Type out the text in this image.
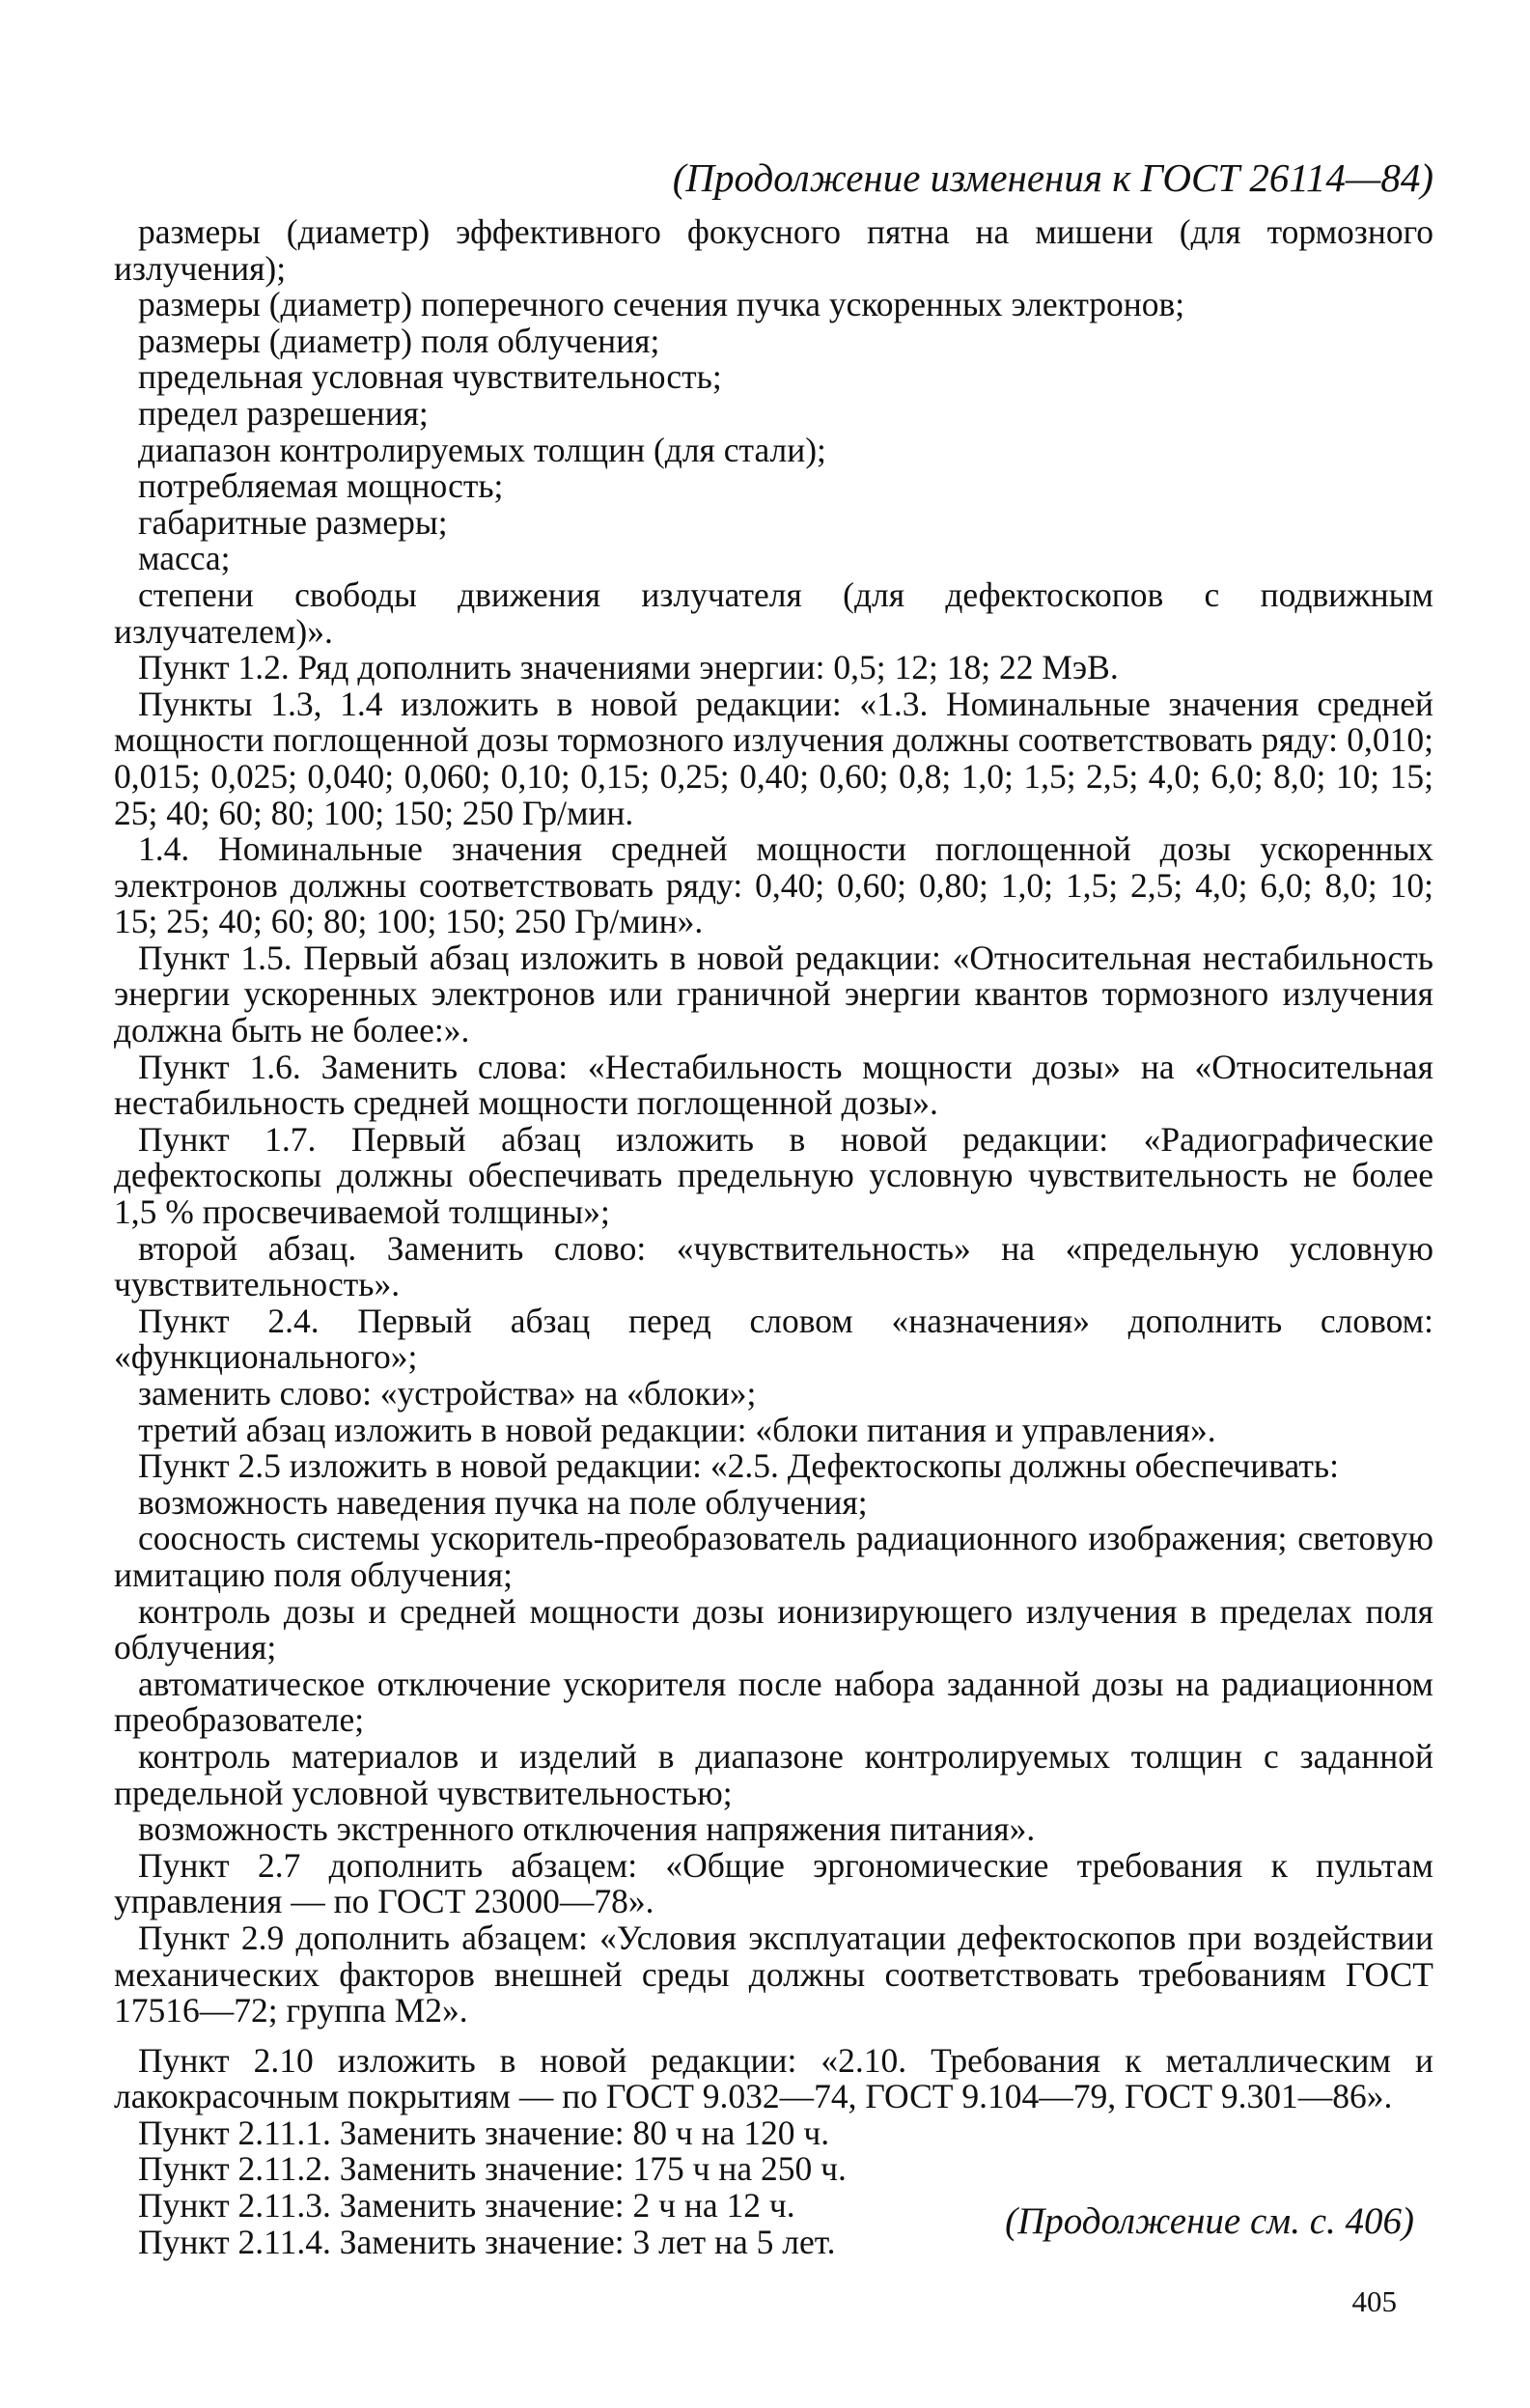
(Продолжение изменения к ГОСТ 26114—84)

размеры (диаметр) эффективного фокусного пятна на мишени (для тормозного излучения);

размеры (диаметр) поперечного сечения пучка ускоренных электронов;

размеры (диаметр) поля облучения;

предельная условная чувствительность;

предел разрешения;

диапазон контролируемых толщин (для стали);

потребляемая мощность;

габаритные размеры;

масса;

степени свободы движения излучателя (для дефектоскопов с подвижным излучателем)».

Пункт 1.2. Ряд дополнить значениями энергии: 0,5; 12; 18; 22 МэВ.

Пункты 1.3, 1.4 изложить в новой редакции: «1.3. Номинальные значения средней мощности поглощенной дозы тормозного излучения должны соответствовать ряду: 0,010; 0,015; 0,025; 0,040; 0,060; 0,10; 0,15; 0,25; 0,40; 0,60; 0,8; 1,0; 1,5; 2,5; 4,0; 6,0; 8,0; 10; 15; 25; 40; 60; 80; 100; 150; 250 Гр/мин.

1.4. Номинальные значения средней мощности поглощенной дозы ускоренных электронов должны соответствовать ряду: 0,40; 0,60; 0,80; 1,0; 1,5; 2,5; 4,0; 6,0; 8,0; 10; 15; 25; 40; 60; 80; 100; 150; 250 Гр/мин».

Пункт 1.5. Первый абзац изложить в новой редакции: «Относительная нестабильность энергии ускоренных электронов или граничной энергии квантов тормозного излучения должна быть не более:».

Пункт 1.6. Заменить слова: «Нестабильность мощности дозы» на «Относительная нестабильность средней мощности поглощенной дозы».

Пункт 1.7. Первый абзац изложить в новой редакции: «Радиографические дефектоскопы должны обеспечивать предельную условную чувствительность не более 1,5 % просвечиваемой толщины»;

второй абзац. Заменить слово: «чувствительность» на «предельную условную чувствительность».

Пункт 2.4. Первый абзац перед словом «назначения» дополнить словом: «функционального»;

заменить слово: «устройства» на «блоки»;

третий абзац изложить в новой редакции: «блоки питания и управления».

Пункт 2.5 изложить в новой редакции: «2.5. Дефектоскопы должны обеспечивать:

возможность наведения пучка на поле облучения;

соосность системы ускоритель-преобразователь радиационного изображения; световую имитацию поля облучения;

контроль дозы и средней мощности дозы ионизирующего излучения в пределах поля облучения;

автоматическое отключение ускорителя после набора заданной дозы на радиационном преобразователе;

контроль материалов и изделий в диапазоне контролируемых толщин с заданной предельной условной чувствительностью;

возможность экстренного отключения напряжения питания».

Пункт 2.7 дополнить абзацем: «Общие эргономические требования к пультам управления — по ГОСТ 23000—78».

Пункт 2.9 дополнить абзацем: «Условия эксплуатации дефектоскопов при воздействии механических факторов внешней среды должны соответствовать требованиям ГОСТ 17516—72; группа М2».

Пункт 2.10 изложить в новой редакции: «2.10. Требования к металлическим и лакокрасочным покрытиям — по ГОСТ 9.032—74, ГОСТ 9.104—79, ГОСТ 9.301—86».

Пункт 2.11.1. Заменить значение: 80 ч на 120 ч.

Пункт 2.11.2. Заменить значение: 175 ч на 250 ч.

Пункт 2.11.3. Заменить значение: 2 ч на 12 ч.

Пункт 2.11.4. Заменить значение: 3 лет на 5 лет.	(Продолжение см. с. 406)
405
